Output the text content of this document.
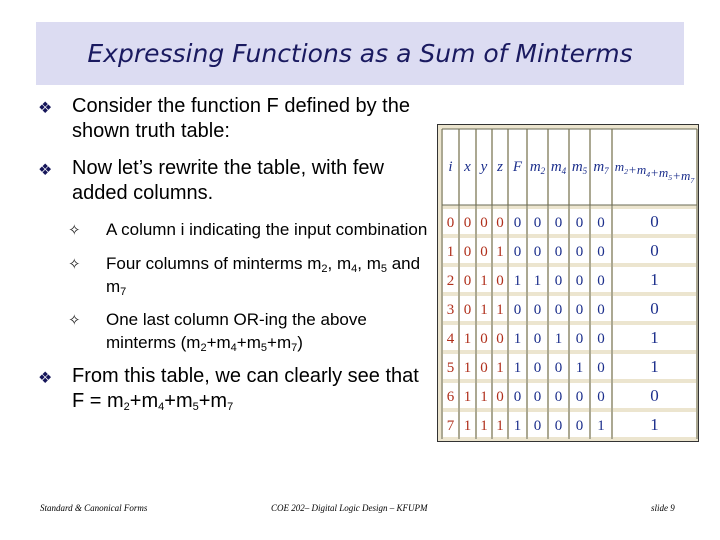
Expressing Functions as a Sum of Minterms
❖ Consider the function F defined by the shown truth table:
❖ Now let’s rewrite the table, with few added columns.
✧	A column i indicating the input combination
✧	Four columns of minterms $m_2$, $m_4$, $m_5$ and $m_7$
✧	One last column OR-ing the above minterms $(m_2+m_4+m_5+m_7)$
❖ From this table, we can clearly see that $F = m_2+m_4+m_5+m_7$
i x y z F $m_2$ $m_4$ $m_5$ $m_7$ $m_2+m_4+m_5+m_7$
0 0 0 0 0 0 0 0 0	0
1 0 0 1 0 0 0 0 0	0
2 0 1 0 1 1 0 0 0	1
3 0 1 1 0 0 0 0 0	0
4 1 0 0 1 0 1 0 0	1
5 1 0 1 1 0 0 1 0	1
6 1 1 0 0 0 0 0 0	0
7 1 1 1 1 0 0 0 1	1
Standard & Canonical Forms	COE 202– Digital Logic Design – KFUPM	slide 9
